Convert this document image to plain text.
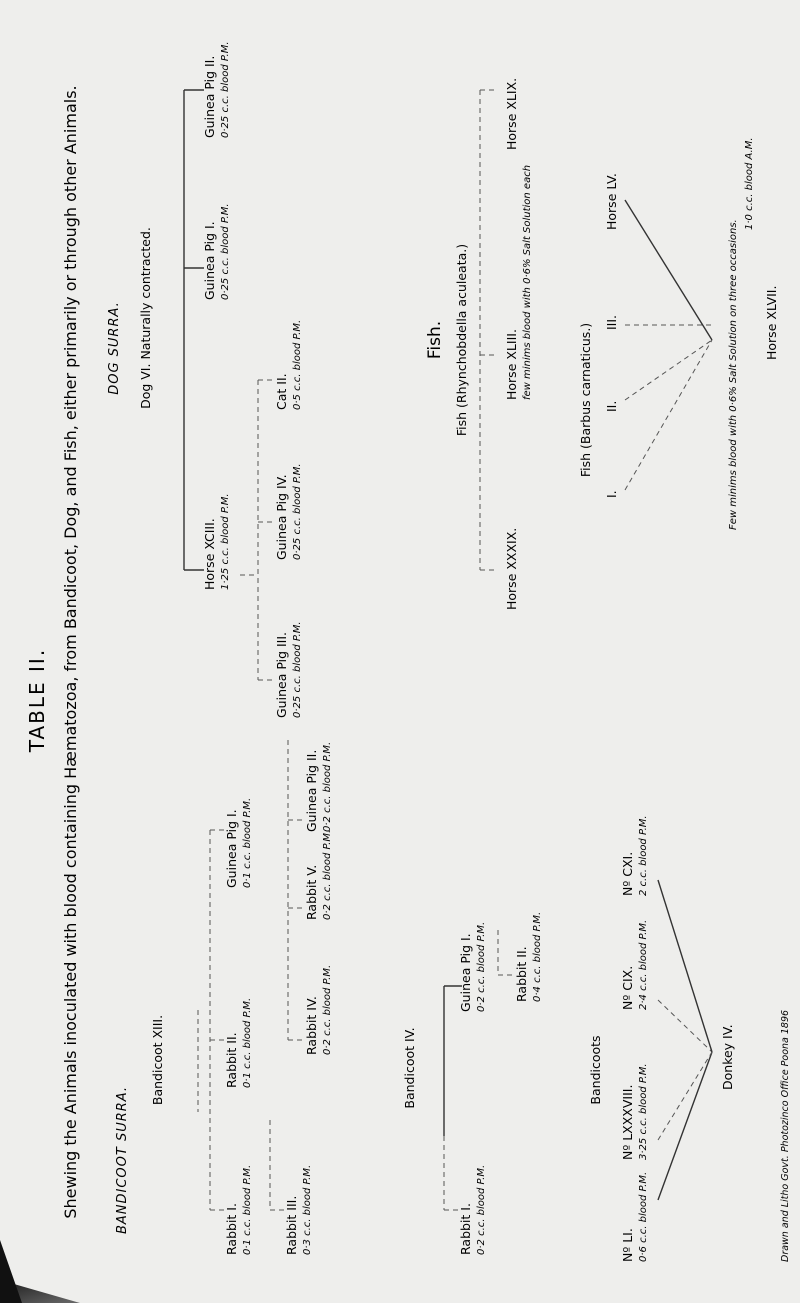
TABLE II. Shewing the Animals inoculated with blood containing Hæmatozoa, from Bandicoot, Dog, and Fish, either primarily or through other Animals. DOG SURRA. Dog VI. Naturally contracted.
Horse XCIII. 1·25 c.c. blood P.M.
Guinea Pig I. 0·25 c.c. blood P.M.
Guinea Pig II. 0·25 c.c. blood P.M.
Guinea Pig III. 0·25 c.c. blood P.M.
Guinea Pig IV. 0·25 c.c. blood P.M.
Cat II. 0·5 c.c. blood P.M.	Fish. Fish (Rhynchobdella aculeata.)
Horse XXXIX.
Horse XLIII. few minims blood with 0·6% Salt Solution each
Horse XLIX.
Fish (Barbus carnaticus.)
I.
II.
III.
Horse LV.	1·0 c.c. blood A.M.
Few minims blood with 0·6% Salt Solution on three occasions. Horse XLVII.
BANDICOOT SURRA.
Bandicoot XIII.
Rabbit I. 0·1 c.c. blood P.M.
Rabbit II. 0·1 c.c. blood P.M.
Guinea Pig I. 0·1 c.c. blood P.M.
Rabbit III. 0·3 c.c. blood P.M.
Rabbit IV. 0·2 c.c. blood P.M.
Rabbit V. 0·2 c.c. blood P.M.
Guinea Pig II. 0·2 c.c. blood P.M.
Bandicoot IV.
Rabbit I. 0·2 c.c. blood P.M.
Guinea Pig I. 0·2 c.c. blood P.M. Rabbit II. 0·4 c.c. blood P.M.
Bandicoots
Nº LI. 0·6 c.c. blood P.M.
Nº LXXXVIII. 3·25 c.c. blood P.M.
Nº CIX. 2·4 c.c. blood P.M.
Nº CXI. 2 c.c. blood P.M.
Donkey IV.	Drawn and Litho Govt. Photozinco Office Poona 1896
